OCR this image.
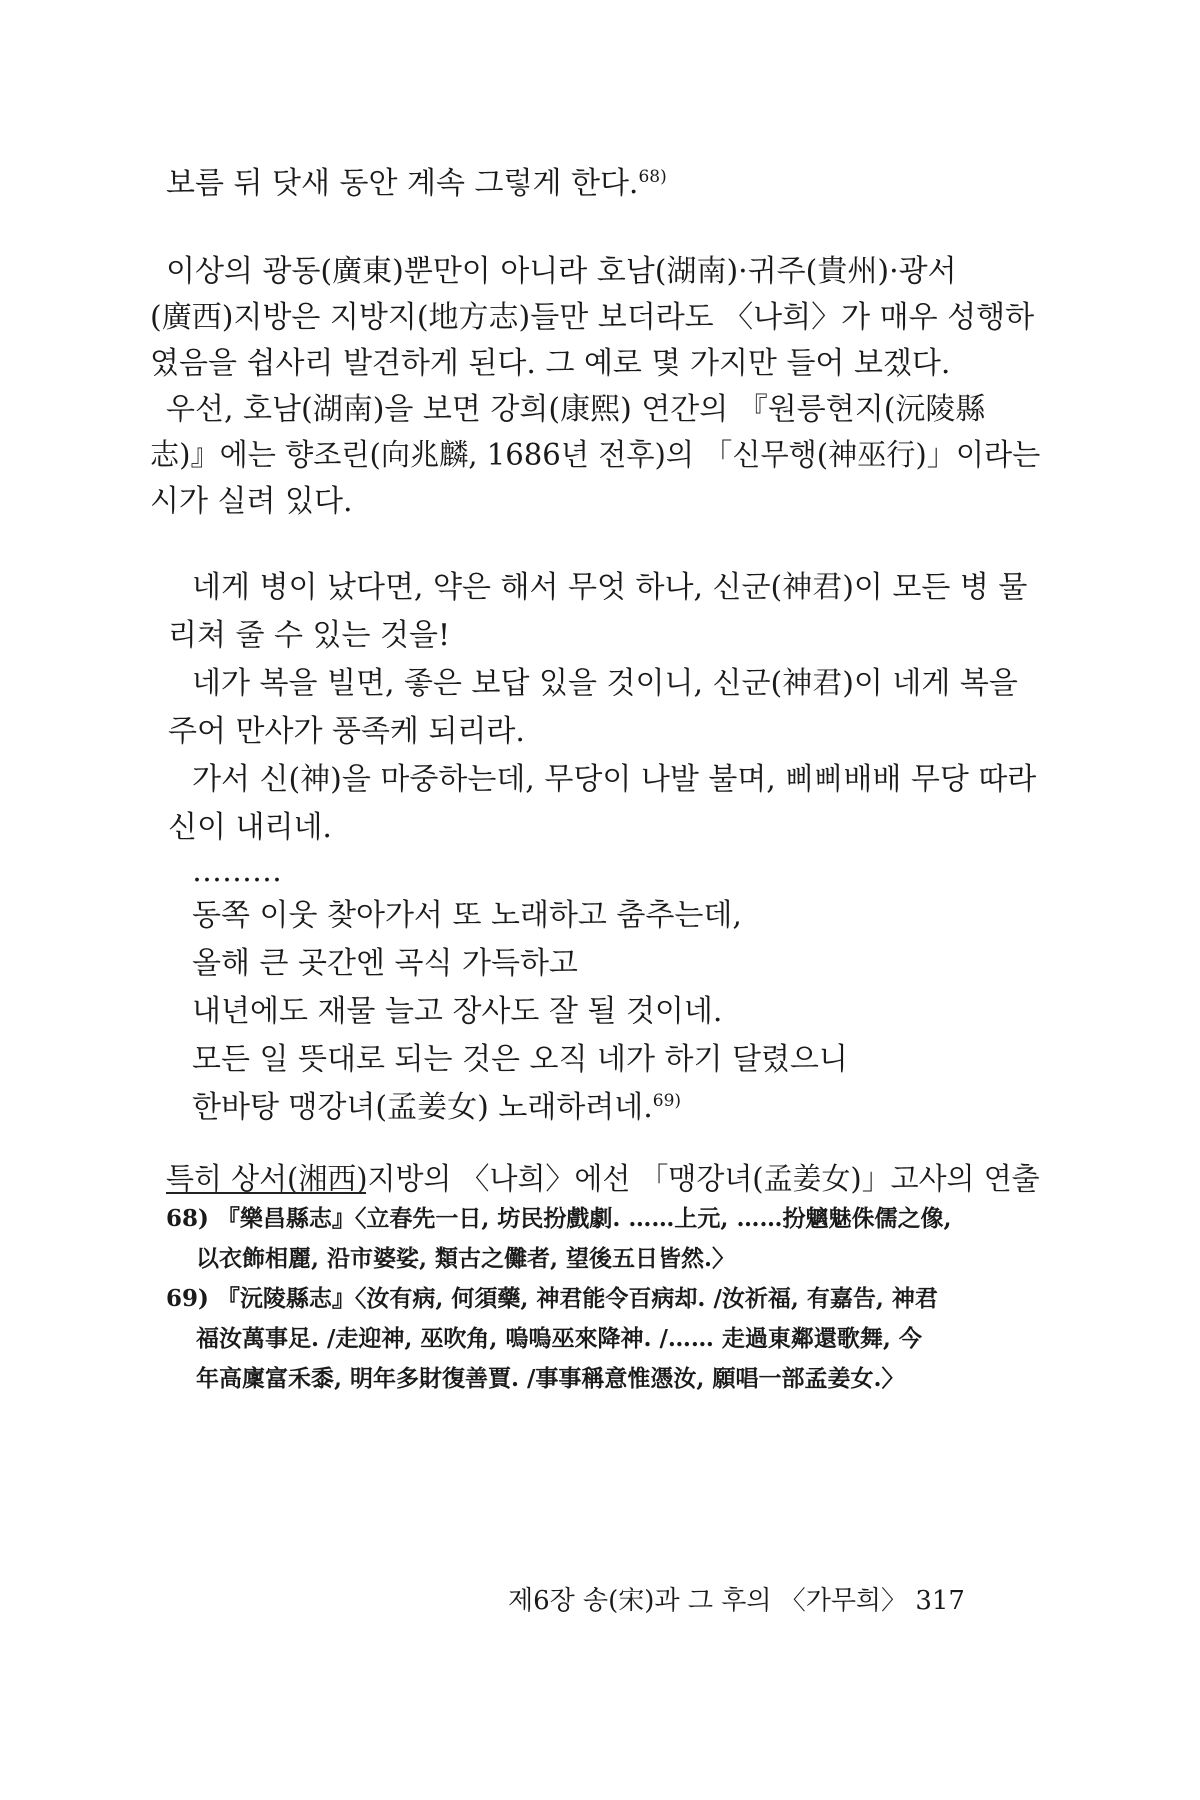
보름 뒤 닷새 동안 계속 그렇게 한다.$^{68)}$
이상의 광동(廣東)뿐만이 아니라 호남(湖南)·귀주(貴州)·광서
(廣西)지방은 지방지(地方志)들만 보더라도 〈나희〉가 매우 성행하
였음을 쉽사리 발견하게 된다. 그 예로 몇 가지만 들어 보겠다.
우선, 호남(湖南)을 보면 강희(康熙) 연간의 『원릉현지(沅陵縣
志)』에는 향조린(向兆麟, 1686년 전후)의 「신무행(神巫行)」이라는
시가 실려 있다.
네게 병이 났다면, 약은 해서 무엇 하나, 신군(神君)이 모든 병 물
리쳐 줄 수 있는 것을!
네가 복을 빌면, 좋은 보답 있을 것이니, 신군(神君)이 네게 복을
주어 만사가 풍족케 되리라.
가서 신(神)을 마중하는데, 무당이 나발 불며, 삐삐배배 무당 따라
신이 내리네.
………
동쪽 이웃 찾아가서 또 노래하고 춤추는데,
올해 큰 곳간엔 곡식 가득하고
내년에도 재물 늘고 장사도 잘 될 것이네.
모든 일 뜻대로 되는 것은 오직 네가 하기 달렸으니
한바탕 맹강녀(孟姜女) 노래하려네.$^{69)}$
특히 상서(湘西)지방의 〈나희〉에선 「맹강녀(孟姜女)」고사의 연출
68) 『樂昌縣志』〈立春先一日, 坊民扮戲劇. ……上元, ……扮魑魅侏儒之像,
以衣飾相麗, 沿市婆娑, 類古之儺者, 望後五日皆然.〉
69) 『沅陵縣志』〈汝有病, 何須藥, 神君能令百病却. /汝祈福, 有嘉告, 神君
福汝萬事足. /走迎神, 巫吹角, 嗚嗚巫來降神. /…… 走過東鄰還歌舞, 今
年高廩富禾黍, 明年多財復善賈. /事事稱意惟憑汝, 願唱一部孟姜女.〉
제6장 송(宋)과 그 후의 〈가무희〉 317
